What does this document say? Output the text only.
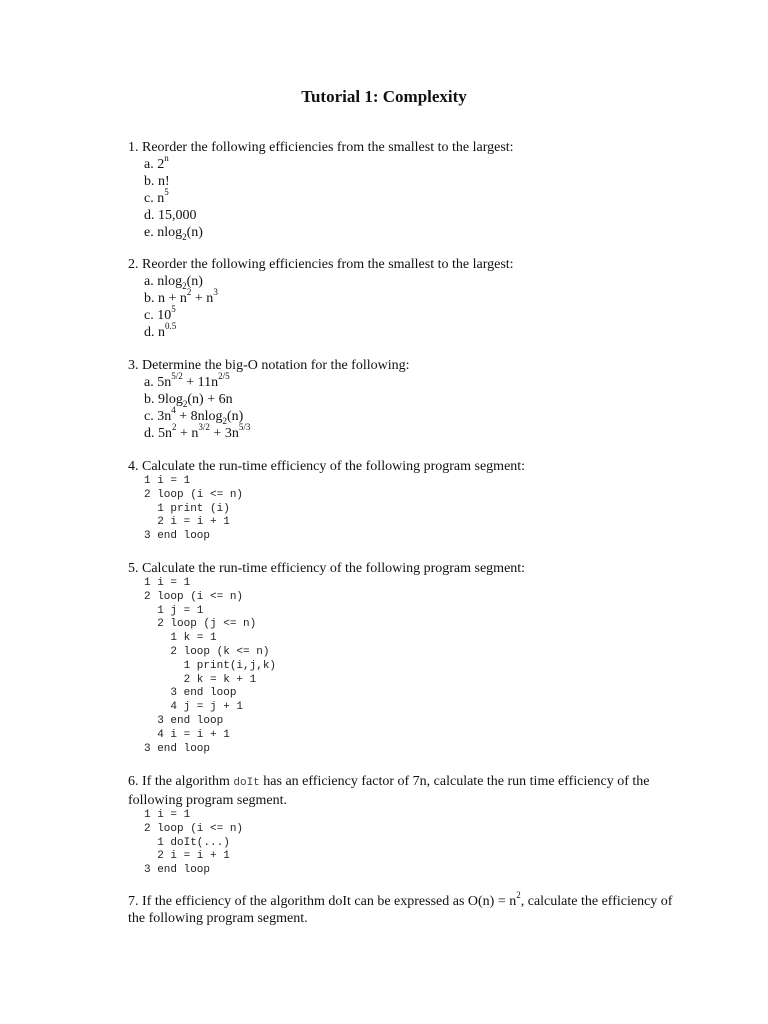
Tutorial 1: Complexity

1. Reorder the following efficiencies from the smallest to the largest:

a. 2$^n$
b. n!
c. $n^5$
d. 15,000
e. nlog$_2$(n)

2. Reorder the following efficiencies from the smallest to the largest:

a. nlog$_2$(n)
b. $n + n^2 + n^3$
c. $10^5$
d. $n^{0.5}$

3. Determine the big-O notation for the following:

a. $5n^{5/2} + 11n^{2/5}$
b. $9\log_2(n) + 6n$
c. $3n^4 + 8nlog_2(n)$
d. $5n^2 + n^{3/2} + 3n^{5/3}$

4. Calculate the run-time efficiency of the following program segment:

1 i = 1
2 loop (i <= n)
1 print (i)
2 i = i + 1
3 end loop

5. Calculate the run-time efficiency of the following program segment:

1 i = 1
2 loop (i <= n)
1 j = 1
2 loop (j <= n)
1 k = 1
2 loop (k <= n)
1 print(i,j,k)
2 k = k + 1
3 end loop
4 j = j + 1
3 end loop
4 i = i + 1
3 end loop

6. If the algorithm doIt has an efficiency factor of 7n, calculate the run time efficiency of the following program segment.

1 i = 1
2 loop (i <= n)
1 doIt(...)
2 i = i + 1
3 end loop

7. If the efficiency of the algorithm doIt can be expressed as $O(n) = n^2$, calculate the efficiency of the following program segment.
